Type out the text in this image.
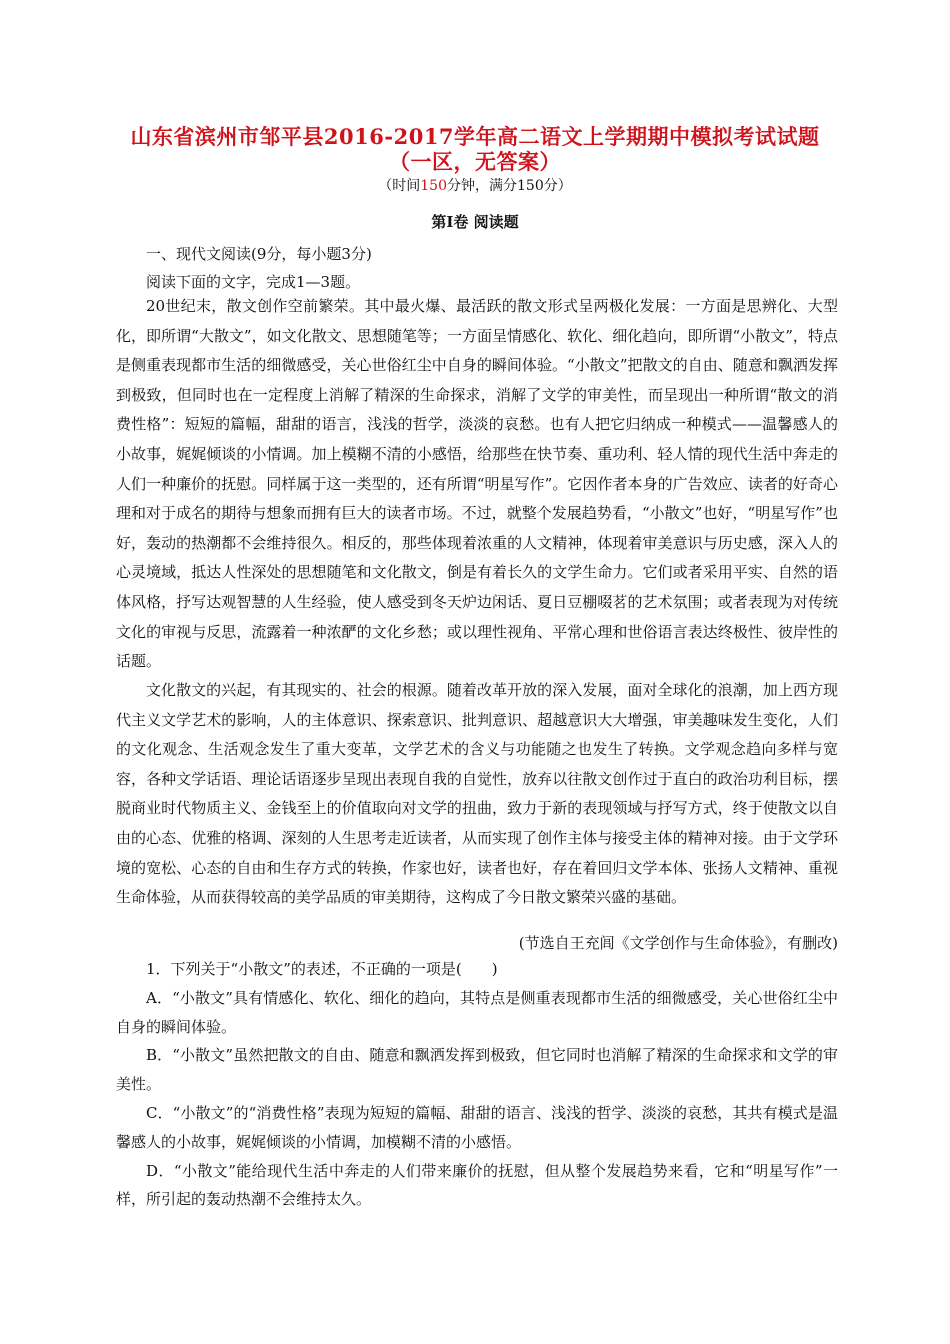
山东省滨州市邹平县2016-2017学年高二语文上学期期中模拟考试试题
（一区，无答案）
（时间150分钟，满分150分）
第Ⅰ卷 阅读题

一、现代文阅读(9分，每小题3分)

阅读下面的文字，完成1—3题。

20世纪末，散文创作空前繁荣。其中最火爆、最活跃的散文形式呈两极化发展：一方面是思辨化、大型化，即所谓“大散文”，如文化散文、思想随笔等；一方面呈情感化、软化、细化趋向，即所谓“小散文”，特点是侧重表现都市生活的细微感受，关心世俗红尘中自身的瞬间体验。“小散文”把散文的自由、随意和飘洒发挥到极致，但同时也在一定程度上消解了精深的生命探求，消解了文学的审美性，而呈现出一种所谓“散文的消费性格”：短短的篇幅，甜甜的语言，浅浅的哲学，淡淡的哀愁。也有人把它归纳成一种模式——温馨感人的小故事，娓娓倾谈的小情调。加上模糊不清的小感悟，给那些在快节奏、重功利、轻人情的现代生活中奔走的人们一种廉价的抚慰。同样属于这一类型的，还有所谓“明星写作”。它因作者本身的广告效应、读者的好奇心理和对于成名的期待与想象而拥有巨大的读者市场。不过，就整个发展趋势看，“小散文”也好，“明星写作”也好，轰动的热潮都不会维持很久。相反的，那些体现着浓重的人文精神，体现着审美意识与历史感，深入人的心灵境域，抵达人性深处的思想随笔和文化散文，倒是有着长久的文学生命力。它们或者采用平实、自然的语体风格，抒写达观智慧的人生经验，使人感受到冬天炉边闲话、夏日豆棚啜茗的艺术氛围；或者表现为对传统文化的审视与反思，流露着一种浓酽的文化乡愁；或以理性视角、平常心理和世俗语言表达终极性、彼岸性的话题。

文化散文的兴起，有其现实的、社会的根源。随着改革开放的深入发展，面对全球化的浪潮，加上西方现代主义文学艺术的影响，人的主体意识、探索意识、批判意识、超越意识大大增强，审美趣味发生变化，人们的文化观念、生活观念发生了重大变革，文学艺术的含义与功能随之也发生了转换。文学观念趋向多样与宽容，各种文学话语、理论话语逐步呈现出表现自我的自觉性，放弃以往散文创作过于直白的政治功利目标，摆脱商业时代物质主义、金钱至上的价值取向对文学的扭曲，致力于新的表现领域与抒写方式，终于使散文以自由的心态、优雅的格调、深刻的人生思考走近读者，从而实现了创作主体与接受主体的精神对接。由于文学环境的宽松、心态的自由和生存方式的转换，作家也好，读者也好，存在着回归文学本体、张扬人文精神、重视生命体验，从而获得较高的美学品质的审美期待，这构成了今日散文繁荣兴盛的基础。

(节选自王充闾《文学创作与生命体验》，有删改)

1．下列关于“小散文”的表述，不正确的一项是(　　)

A．“小散文”具有情感化、软化、细化的趋向，其特点是侧重表现都市生活的细微感受，关心世俗红尘中自身的瞬间体验。

B．“小散文”虽然把散文的自由、随意和飘洒发挥到极致，但它同时也消解了精深的生命探求和文学的审美性。

C．“小散文”的“消费性格”表现为短短的篇幅、甜甜的语言、浅浅的哲学、淡淡的哀愁，其共有模式是温馨感人的小故事，娓娓倾谈的小情调，加模糊不清的小感悟。

D．“小散文”能给现代生活中奔走的人们带来廉价的抚慰，但从整个发展趋势来看，它和“明星写作”一样，所引起的轰动热潮不会维持太久。
